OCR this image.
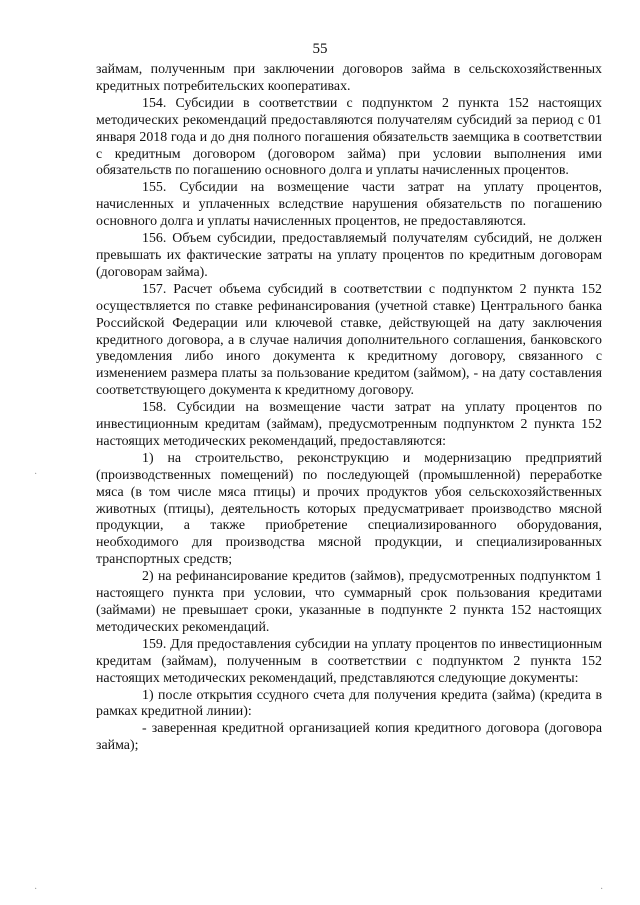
55

займам, полученным при заключении договоров займа в сельскохозяйственных кредитных потребительских кооперативах.

154. Субсидии в соответствии с подпунктом 2 пункта 152 настоящих методических рекомендаций предоставляются получателям субсидий за период с 01 января 2018 года и до дня полного погашения обязательств заемщика в соответствии с кредитным договором (договором займа) при условии выполнения ими обязательств по погашению основного долга и уплаты начисленных процентов.

155. Субсидии на возмещение части затрат на уплату процентов, начисленных и уплаченных вследствие нарушения обязательств по погашению основного долга и уплаты начисленных процентов, не предоставляются.

156. Объем субсидии, предоставляемый получателям субсидий, не должен превышать их фактические затраты на уплату процентов по кредитным договорам (договорам займа).

157. Расчет объема субсидий в соответствии с подпунктом 2 пункта 152 осуществляется по ставке рефинансирования (учетной ставке) Центрального банка Российской Федерации или ключевой ставке, действующей на дату заключения кредитного договора, а в случае наличия дополнительного соглашения, банковского уведомления либо иного документа к кредитному договору, связанного с изменением размера платы за пользование кредитом (займом), - на дату составления соответствующего документа к кредитному договору.

158. Субсидии на возмещение части затрат на уплату процентов по инвестиционным кредитам (займам), предусмотренным подпунктом 2 пункта 152 настоящих методических рекомендаций, предоставляются:

1) на строительство, реконструкцию и модернизацию предприятий (производственных помещений) по последующей (промышленной) переработке мяса (в том числе мяса птицы) и прочих продуктов убоя сельскохозяйственных животных (птицы), деятельность которых предусматривает производство мясной продукции, а также приобретение специализированного оборудования, необходимого для производства мясной продукции, и специализированных транспортных средств;

2) на рефинансирование кредитов (займов), предусмотренных подпунктом 1 настоящего пункта при условии, что суммарный срок пользования кредитами (займами) не превышает сроки, указанные в подпункте 2 пункта 152 настоящих методических рекомендаций.

159. Для предоставления субсидии на уплату процентов по инвестиционным кредитам (займам), полученным в соответствии с подпунктом 2 пункта 152 настоящих методических рекомендаций, представляются следующие документы:

1) после открытия ссудного счета для получения кредита (займа) (кредита в рамках кредитной линии):

- заверенная кредитной организацией копия кредитного договора (договора займа);

·
·	·
